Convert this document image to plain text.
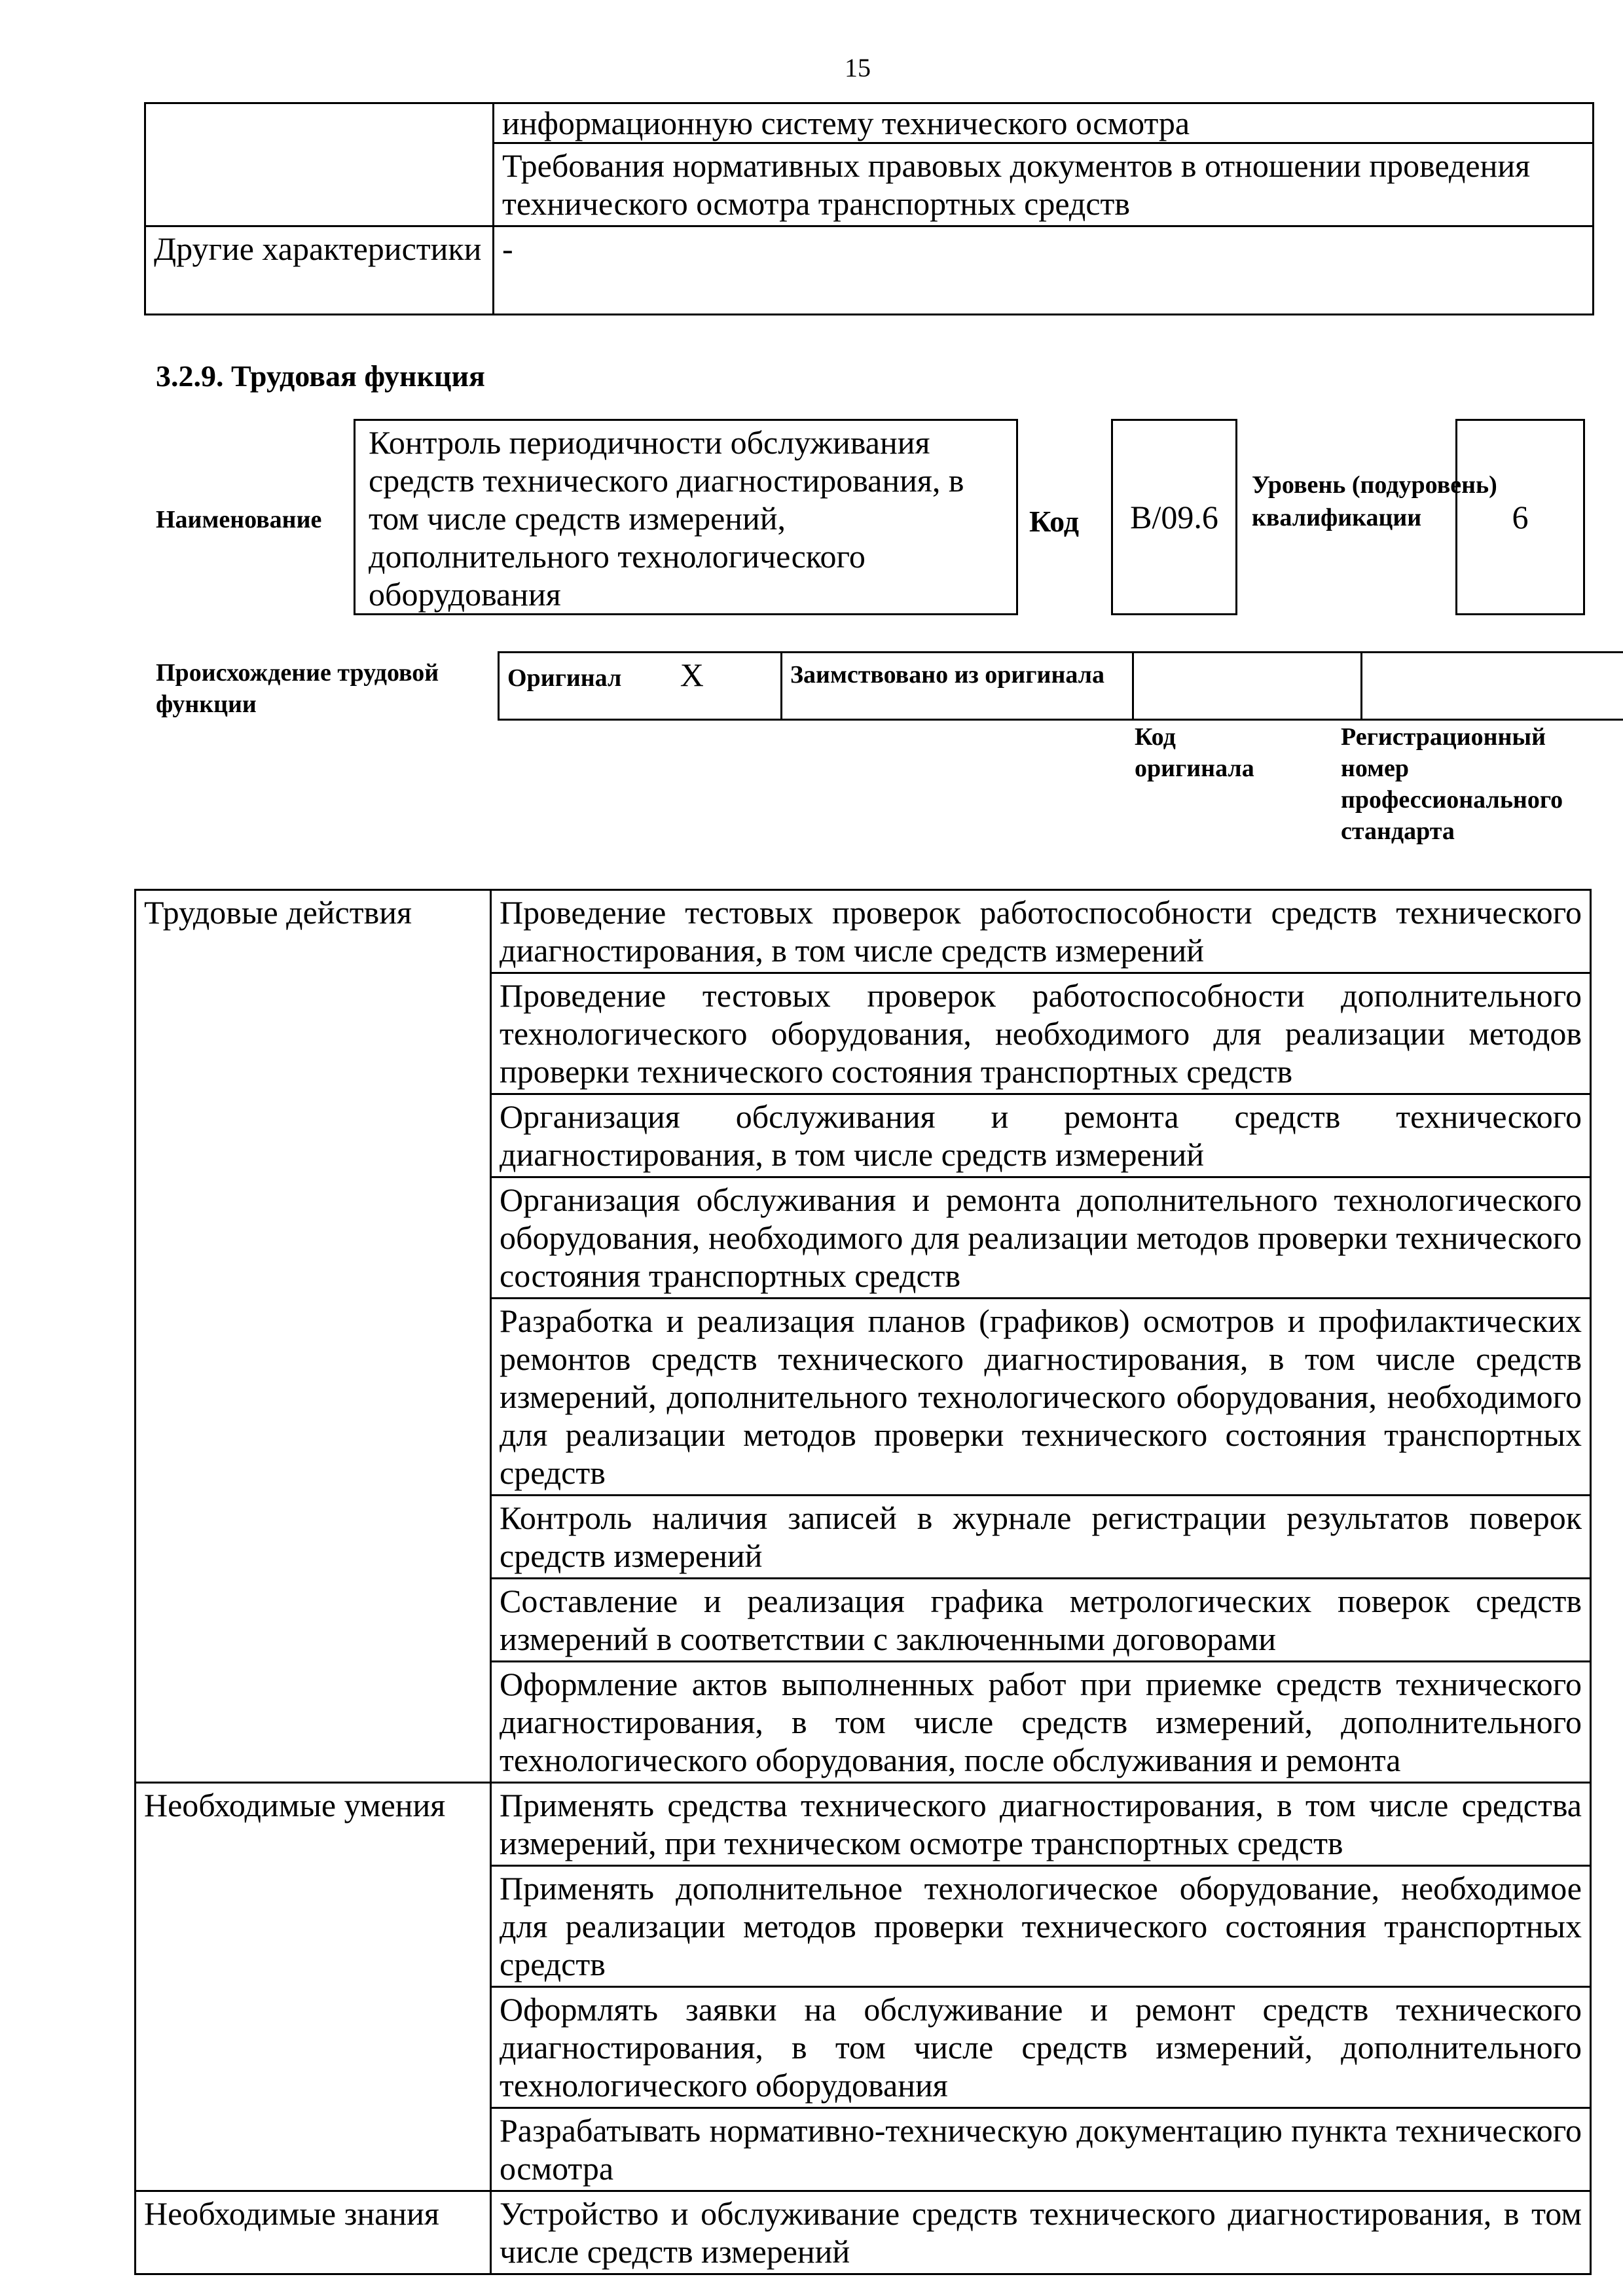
15
	информационную систему технического осмотра
	Требования нормативных правовых документов в отношении проведения технического осмотра транспортных средств
Другие характеристики	-
3.2.9. Трудовая функция
Наименование
Контроль периодичности обслуживания средств технического диагностирования, в том числе средств измерений, дополнительного технологического оборудования
Код	B/09.6
Уровень (подуровень) квалификации	6
Происхождение трудовой функции
Оригинал X	Заимствовано из оригинала		
Код оригинала
Регистрационный номер профессионального стандарта
Трудовые действия	Проведение тестовых проверок работоспособности средств технического диагностирования, в том числе средств измерений
	Проведение тестовых проверок работоспособности дополнительного технологического оборудования, необходимого для реализации методов проверки технического состояния транспортных средств
	Организация обслуживания и ремонта средств технического диагностирования, в том числе средств измерений
	Организация обслуживания и ремонта дополнительного технологического оборудования, необходимого для реализации методов проверки технического состояния транспортных средств
	Разработка и реализация планов (графиков) осмотров и профилактических ремонтов средств технического диагностирования, в том числе средств измерений, дополнительного технологического оборудования, необходимого для реализации методов проверки технического состояния транспортных средств
	Контроль наличия записей в журнале регистрации результатов поверок средств измерений
	Составление и реализация графика метрологических поверок средств измерений в соответствии с заключенными договорами
	Оформление актов выполненных работ при приемке средств технического диагностирования, в том числе средств измерений, дополнительного технологического оборудования, после обслуживания и ремонта
Необходимые умения	Применять средства технического диагностирования, в том числе средства измерений, при техническом осмотре транспортных средств
	Применять дополнительное технологическое оборудование, необходимое для реализации методов проверки технического состояния транспортных средств
	Оформлять заявки на обслуживание и ремонт средств технического диагностирования, в том числе средств измерений, дополнительного технологического оборудования
	Разрабатывать нормативно-техническую документацию пункта технического осмотра
Необходимые знания	Устройство и обслуживание средств технического диагностирования, в том числе средств измерений
